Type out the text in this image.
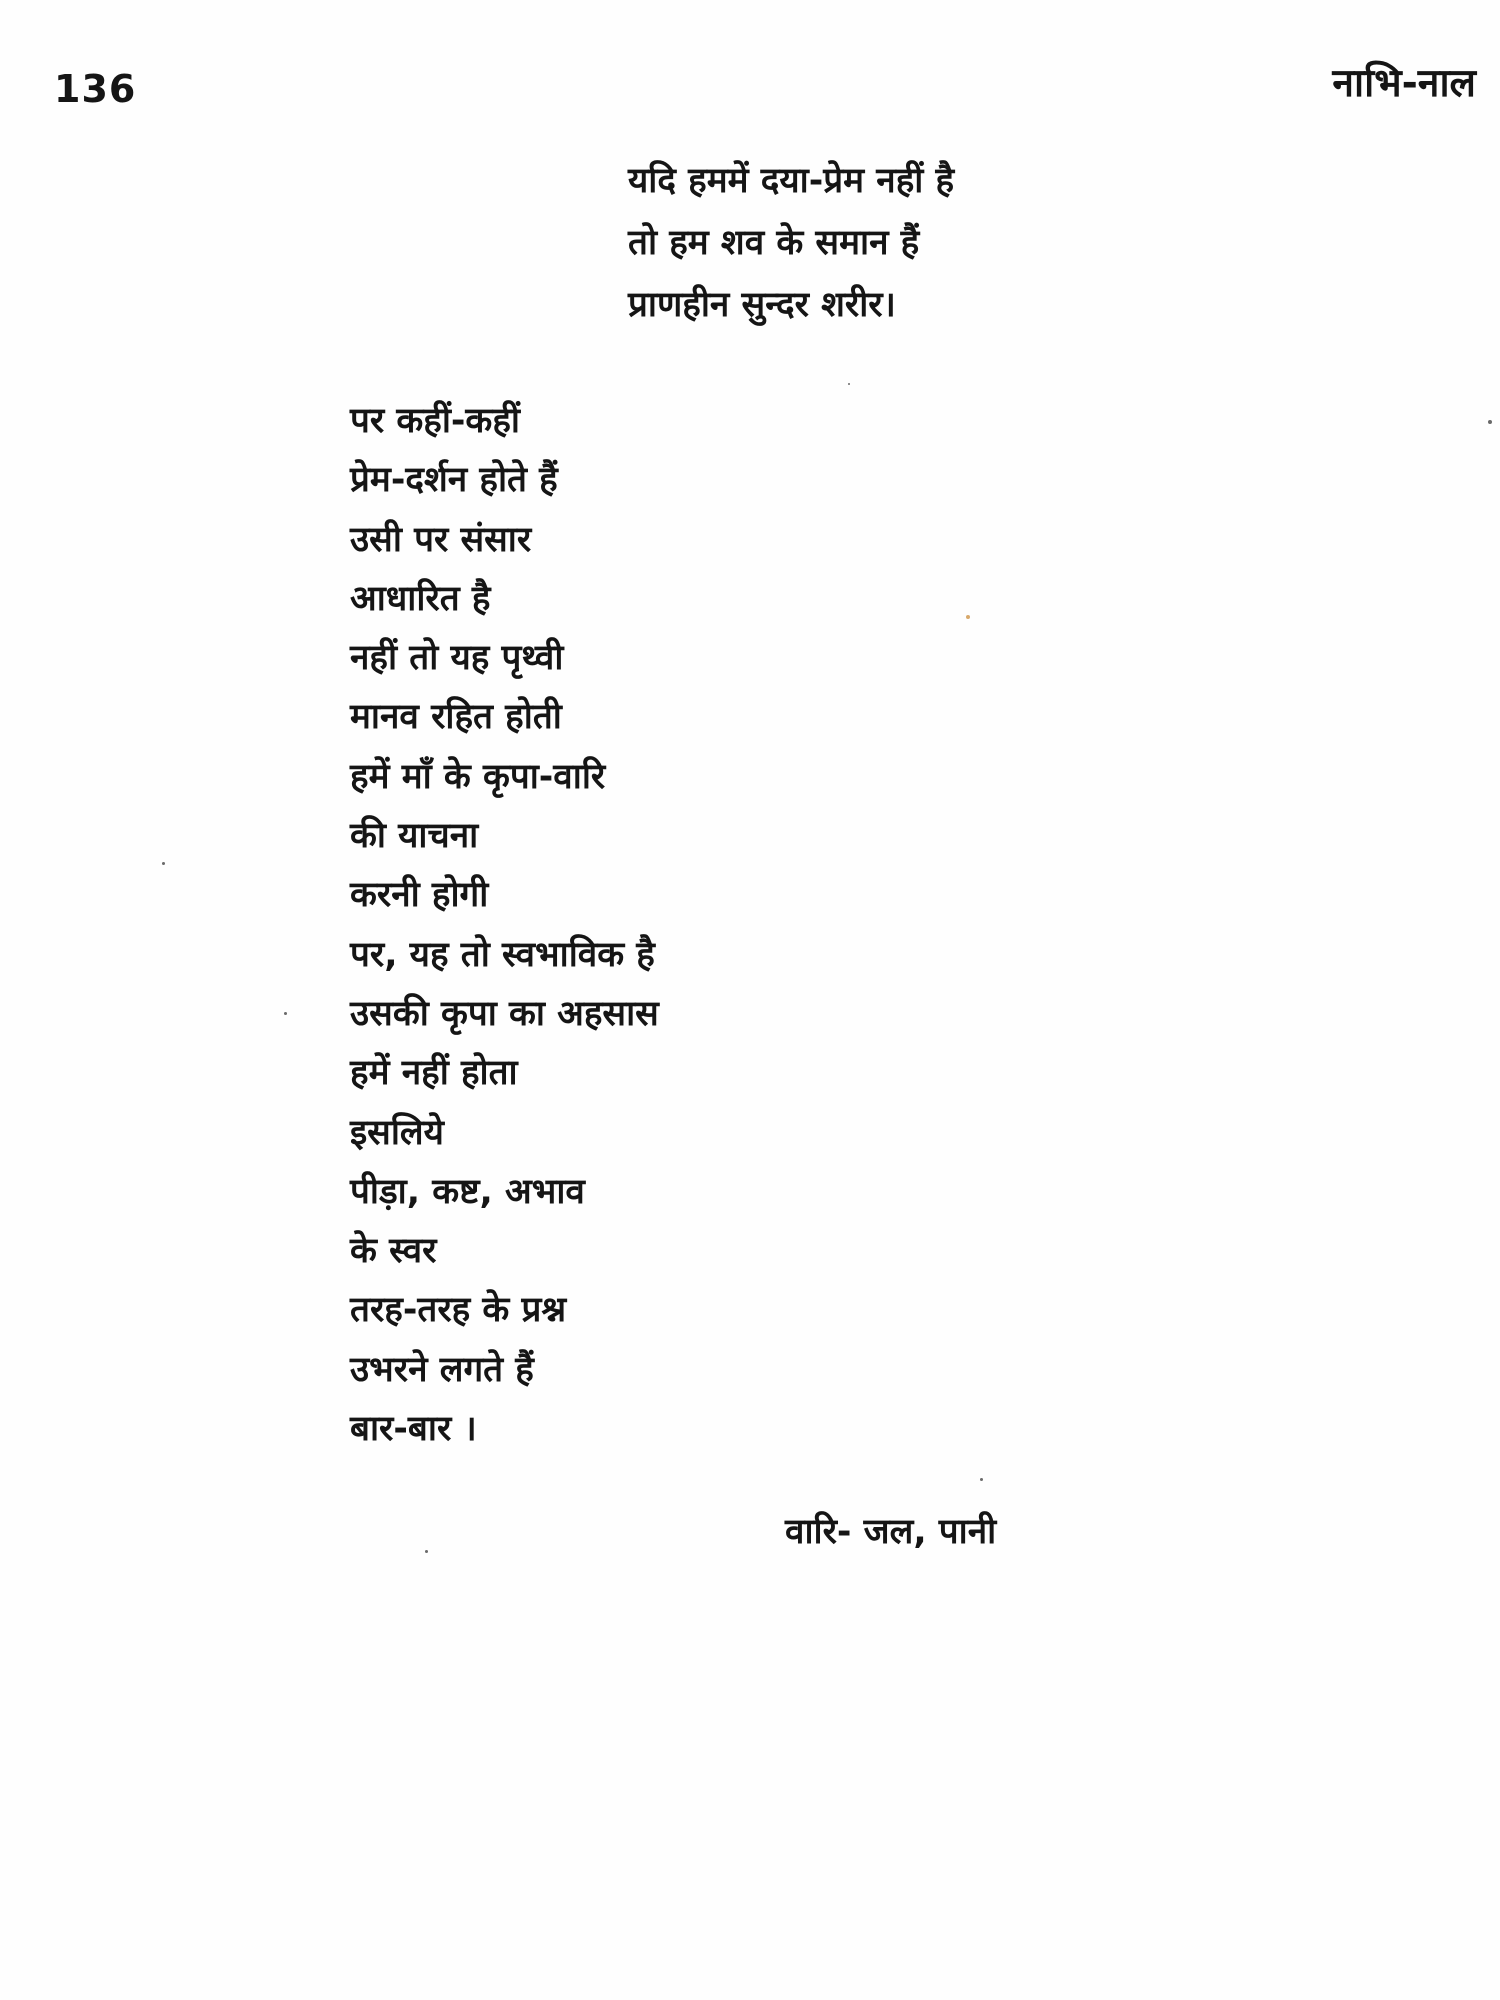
136	नाभि-नाल

यदि हममें दया-प्रेम नहीं है

तो हम शव के समान हैं

प्राणहीन सुन्दर शरीर।

पर कहीं-कहीं

प्रेम-दर्शन होते हैं

उसी पर संसार

आधारित है

नहीं तो यह पृथ्वी

मानव रहित होती

हमें माँ के कृपा-वारि

की याचना

करनी होगी

पर, यह तो स्वभाविक है

उसकी कृपा का अहसास

हमें नहीं होता

इसलिये

पीड़ा, कष्ट, अभाव

के स्वर

तरह-तरह के प्रश्न

उभरने लगते हैं

बार-बार ।

वारि- जल, पानी
